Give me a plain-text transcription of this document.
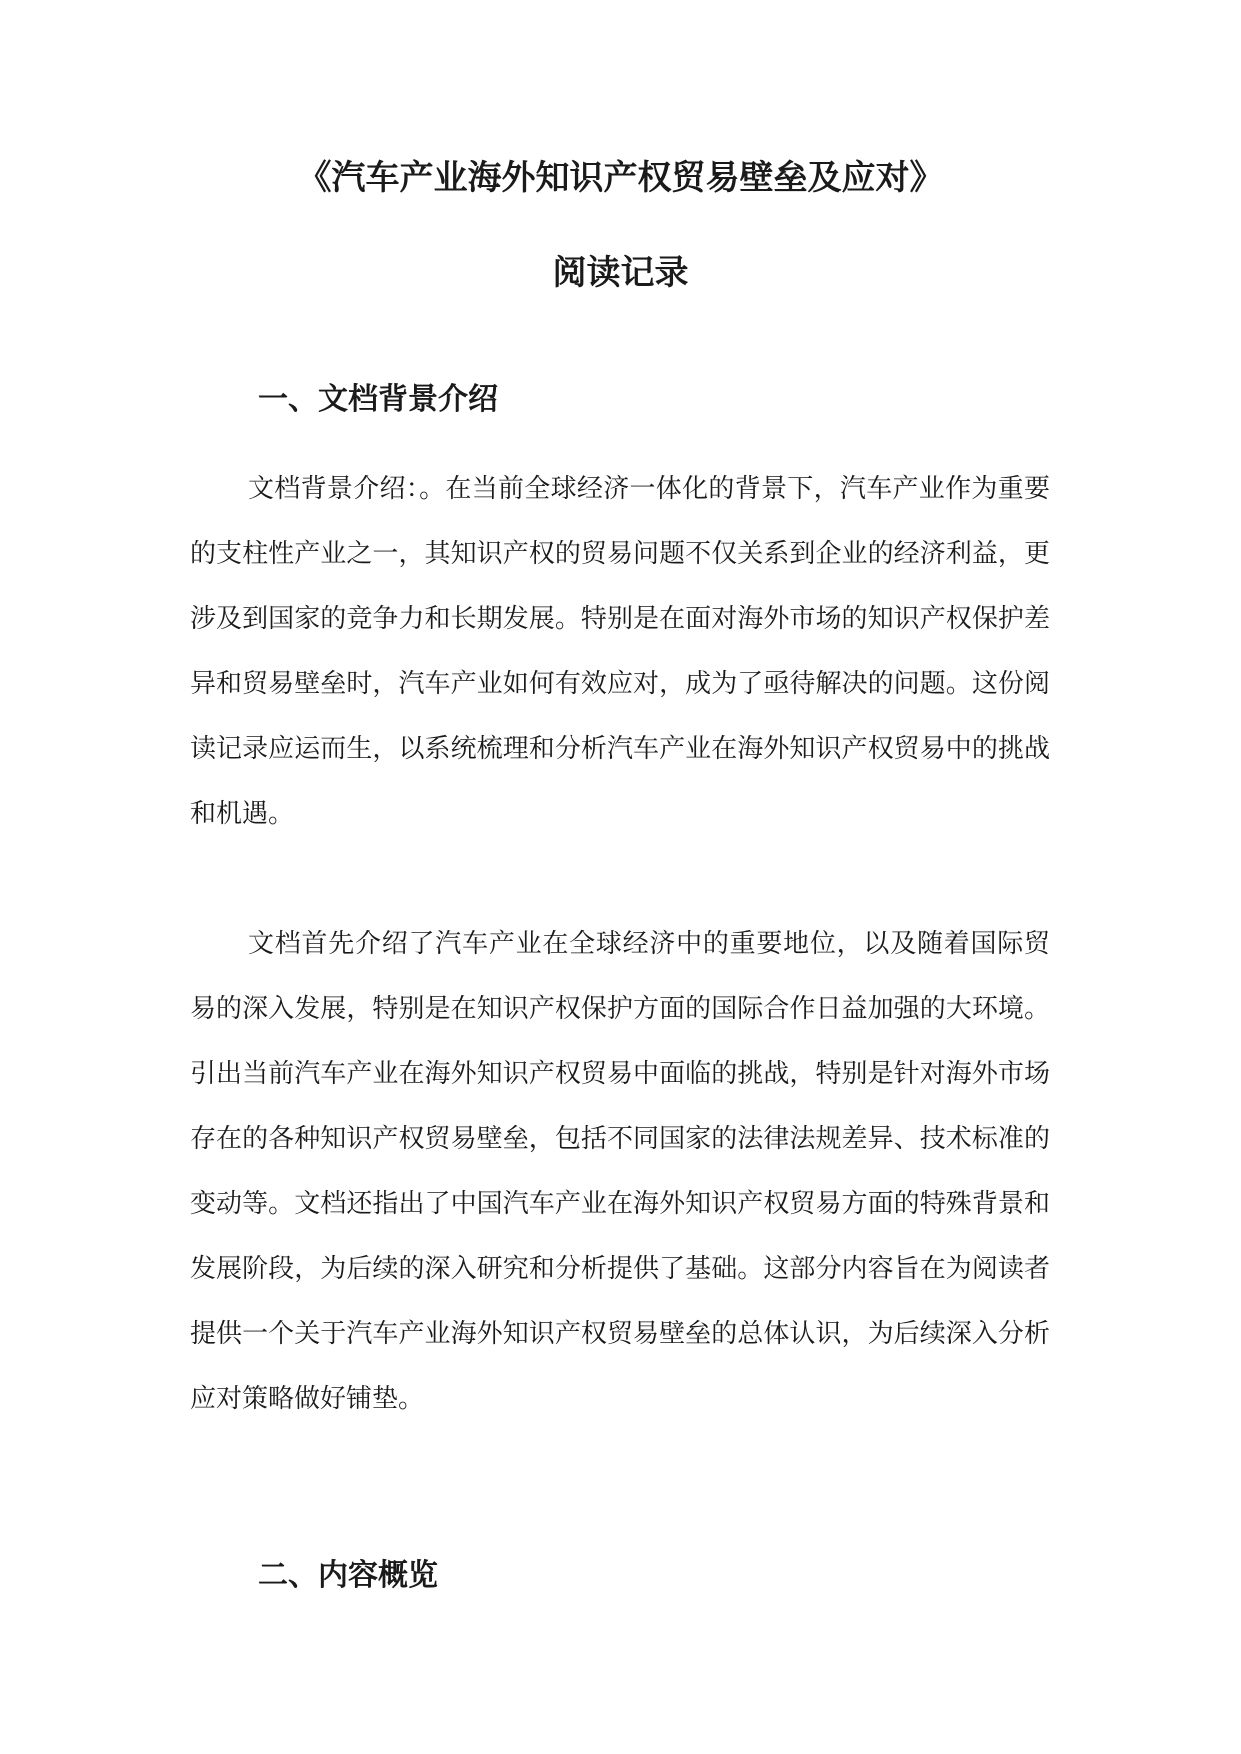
《汽车产业海外知识产权贸易壁垒及应对》
阅读记录
一、文档背景介绍

文档背景介绍：。在当前全球经济一体化的背景下，汽车产业作为重要的支柱性产业之一，其知识产权的贸易问题不仅关系到企业的经济利益，更涉及到国家的竞争力和长期发展。特别是在面对海外市场的知识产权保护差异和贸易壁垒时，汽车产业如何有效应对，成为了亟待解决的问题。这份阅读记录应运而生，以系统梳理和分析汽车产业在海外知识产权贸易中的挑战和机遇。

文档首先介绍了汽车产业在全球经济中的重要地位，以及随着国际贸易的深入发展，特别是在知识产权保护方面的国际合作日益加强的大环境。引出当前汽车产业在海外知识产权贸易中面临的挑战，特别是针对海外市场存在的各种知识产权贸易壁垒，包括不同国家的法律法规差异、技术标准的变动等。文档还指出了中国汽车产业在海外知识产权贸易方面的特殊背景和发展阶段，为后续的深入研究和分析提供了基础。这部分内容旨在为阅读者提供一个关于汽车产业海外知识产权贸易壁垒的总体认识，为后续深入分析应对策略做好铺垫。

二、内容概览
